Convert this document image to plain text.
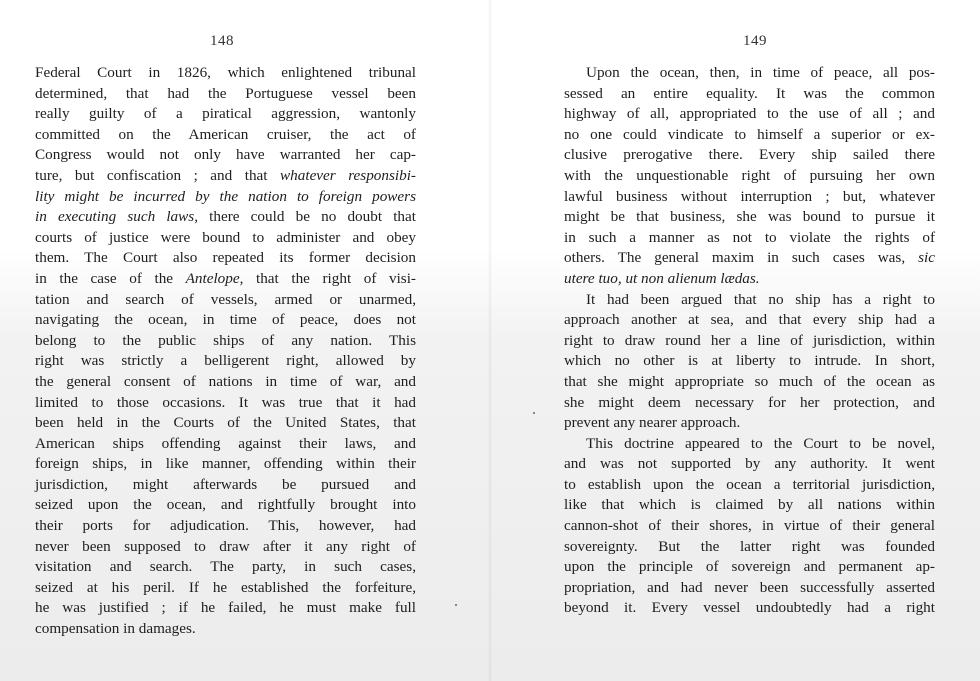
148
Federal Court in 1826, which enlightened tribunal
determined, that had the Portuguese vessel been
really guilty of a piratical aggression, wantonly
committed on the American cruiser, the act of
Congress would not only have warranted her cap-
ture, but confiscation ; and that whatever responsibi-
lity might be incurred by the nation to foreign powers
in executing such laws, there could be no doubt that
courts of justice were bound to administer and obey
them. The Court also repeated its former decision
in the case of the Antelope, that the right of visi-
tation and search of vessels, armed or unarmed,
navigating the ocean, in time of peace, does not
belong to the public ships of any nation. This
right was strictly a belligerent right, allowed by
the general consent of nations in time of war, and
limited to those occasions. It was true that it had
been held in the Courts of the United States, that
American ships offending against their laws, and
foreign ships, in like manner, offending within their
jurisdiction, might afterwards be pursued and
seized upon the ocean, and rightfully brought into
their ports for adjudication. This, however, had
never been supposed to draw after it any right of
visitation and search. The party, in such cases,
seized at his peril. If he established the forfeiture,
he was justified ; if he failed, he must make full
compensation in damages.
149
Upon the ocean, then, in time of peace, all pos-
sessed an entire equality. It was the common
highway of all, appropriated to the use of all ; and
no one could vindicate to himself a superior or ex-
clusive prerogative there. Every ship sailed there
with the unquestionable right of pursuing her own
lawful business without interruption ; but, whatever
might be that business, she was bound to pursue it
in such a manner as not to violate the rights of
others. The general maxim in such cases was, sic
utere tuo, ut non alienum lædas.
It had been argued that no ship has a right to
approach another at sea, and that every ship had a
right to draw round her a line of jurisdiction, within
which no other is at liberty to intrude. In short,
that she might appropriate so much of the ocean as
she might deem necessary for her protection, and
prevent any nearer approach.
This doctrine appeared to the Court to be novel,
and was not supported by any authority. It went
to establish upon the ocean a territorial jurisdiction,
like that which is claimed by all nations within
cannon-shot of their shores, in virtue of their general
sovereignty. But the latter right was founded
upon the principle of sovereign and permanent ap-
propriation, and had never been successfully asserted
beyond it. Every vessel undoubtedly had a right
